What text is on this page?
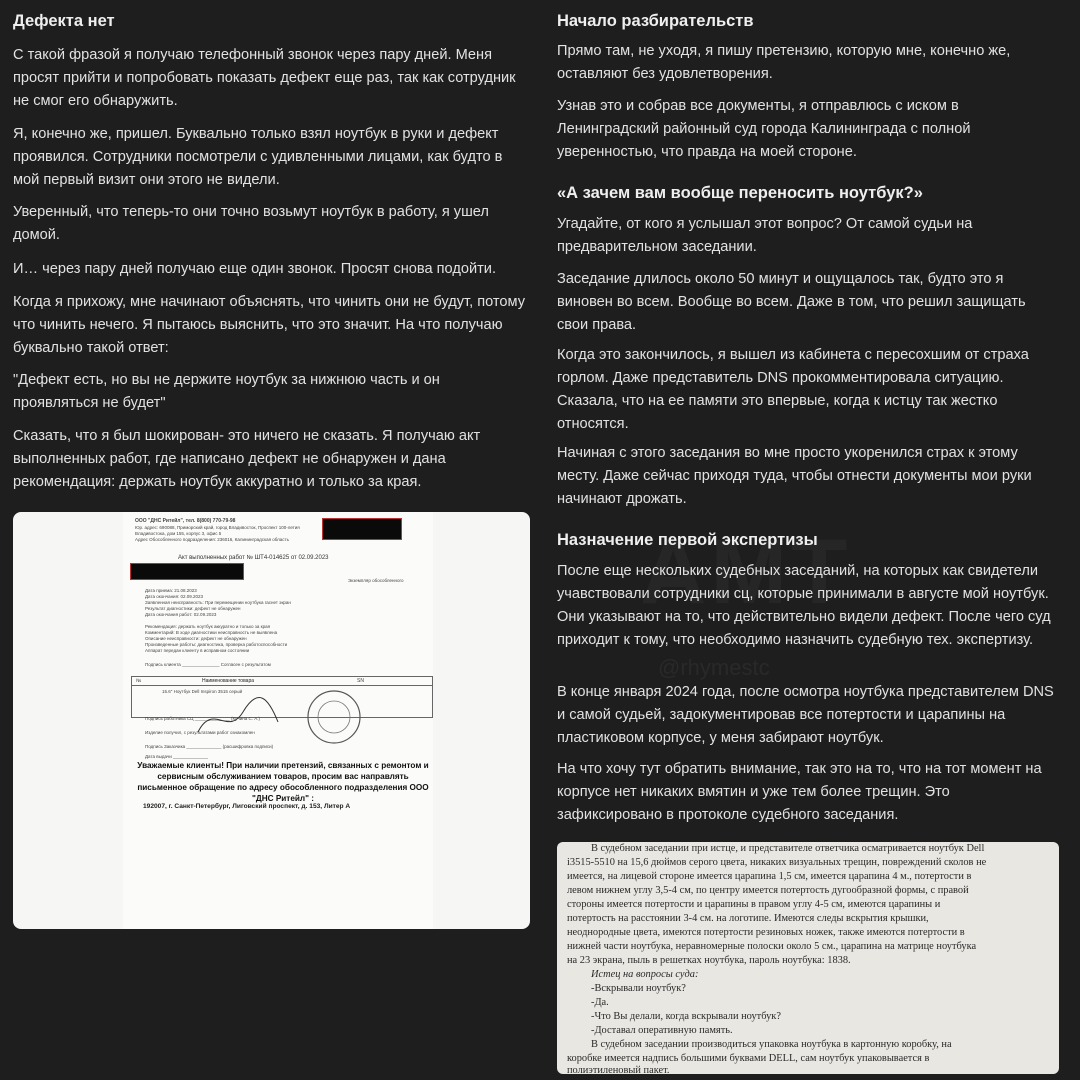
@rhymestc
Дефекта нет

С такой фразой я получаю телефонный звонок через пару дней. Меня просят прийти и попробовать показать дефект еще раз, так как сотрудник не смог его обнаружить.

Я, конечно же, пришел. Буквально только взял ноутбук в руки и дефект проявился. Сотрудники посмотрели с удивленными лицами, как будто в мой первый визит они этого не видели.

Уверенный, что теперь-то они точно возьмут ноутбук в работу, я ушел домой.

И… через пару дней получаю еще один звонок. Просят снова подойти.

Когда я прихожу, мне начинают объяснять, что чинить они не будут, потому что чинить нечего. Я пытаюсь выяснить, что это значит. На что получаю буквально такой ответ:

"Дефект есть, но вы не держите ноутбук за нижнюю часть и он проявляться не будет"

Сказать, что я был шокирован- это ничего не сказать. Я получаю акт выполненных работ, где написано дефект не обнаружен и дана рекомендация: держать ноутбук аккуратно и только за края.

ООО "ДНС Ритейл", тел. 8(800) 770-79-98
Юр. адрес: 690088, Приморский край, город Владивосток, Проспект 100-летия
Владивостока, дом 155, корпус 3, офис 5
Адрес Обособленного подразделения: 236016, Калининградская область
Акт выполненных работ № ШТ4-014625 от 02.09.2023
Экземпляр обособленного
Дата приема: 21.08.2023
Дата окончания: 02.09.2023
Заявленная неисправность: При перемещении ноутбука гаснет экран
Результат диагностики: дефект не обнаружен
Дата окончания работ: 02.09.2023
Рекомендация: держать ноутбук аккуратно и только за края
Комментарий: В ходе диагностики неисправность не выявлена
Описание неисправности: дефект не обнаружен
Произведенные работы: диагностика, проверка работоспособности
Аппарат передан клиенту в исправном состоянии
Подпись клиента _______________ Согласен с результатом
Наименование товара
№	SN
15.6" Ноутбук Dell Inspiron 3515 серый
Подпись работника СЦ ______________ (Кучина С. А.)
Изделие получил, с результатами работ ознакомлен
Подпись Заказчика ______________ (расшифровка подписи)
Дата выдачи ______________
Уважаемые клиенты! При наличии претензий, связанных с ремонтом и сервисным обслуживанием товаров, просим вас направлять письменное обращение по адресу обособленного подразделения ООО "ДНС Ритейл" :
192007, г. Санкт-Петербург, Лиговский проспект, д. 153, Литер А
Начало разбирательств

Прямо там, не уходя, я пишу претензию, которую мне, конечно же, оставляют без удовлетворения.

Узнав это и собрав все документы, я отправлюсь с иском в Ленинградский районный суд города Калининграда с полной уверенностью, что правда на моей стороне.

«А зачем вам вообще переносить ноутбук?»

Угадайте, от кого я услышал этот вопрос? От самой судьи на предварительном заседании.

Заседание длилось около 50 минут и ощущалось так, будто это я виновен во всем. Вообще во всем. Даже в том, что решил защищать свои права.

Когда это закончилось, я вышел из кабинета с пересохшим от страха горлом. Даже представитель DNS прокомментировала ситуацию. Сказала, что на ее памяти это впервые, когда к истцу так жестко относятся.

Начиная с этого заседания во мне просто укоренился страх к этому месту. Даже сейчас приходя туда, чтобы отнести документы мои руки начинают дрожать.

Назначение первой экспертизы

После еще нескольких судебных заседаний, на которых как свидетели учавствовали сотрудники сц, которые принимали в августе мой ноутбук. Они указывают на то, что действительно видели дефект. После чего суд приходит к тому, что необходимо назначить судебную тех. экспертизу.

В конце января 2024 года, после осмотра ноутбука представителем DNS и самой судьей, задокументировав все потертости и царапины на пластиковом корпусе, у меня забирают ноутбук.

На что хочу тут обратить внимание, так это на то, что на тот момент на корпусе нет никаких вмятин и уже тем более трещин. Это зафиксировано в протоколе судебного заседания.

В судебном заседании при истце, и представителе ответчика осматривается ноутбук Dell
i3515-5510 на 15,6 дюймов серого цвета, никаких визуальных трещин, повреждений сколов не
имеется, на лицевой стороне имеется царапина 1,5 см, имеется царапина 4 м., потертости в
левом нижнем углу 3,5-4 см, по центру имеется потертость дугообразной формы, с правой
стороны имеется потертости и царапины в правом углу 4-5 см, имеются царапины и
потертость на расстоянии 3-4 см. на логотипе. Имеются следы вскрытия крышки,
неоднородные цвета, имеются потертости резиновых ножек, также имеются потертости в
нижней части ноутбука, неравномерные полоски около 5 см., царапина на матрице ноутбука
на 23 экрана, пыль в решетках ноутбука, пароль ноутбука: 1838.
Истец на вопросы суда:
-Вскрывали ноутбук?
-Да.
-Что Вы делали, когда вскрывали ноутбук?
-Доставал оперативную память.
В судебном заседании производиться упаковка ноутбука в картонную коробку, на
коробке имеется надпись большими буквами DELL, сам ноутбук упаковывается в
полиэтиленовый пакет.
